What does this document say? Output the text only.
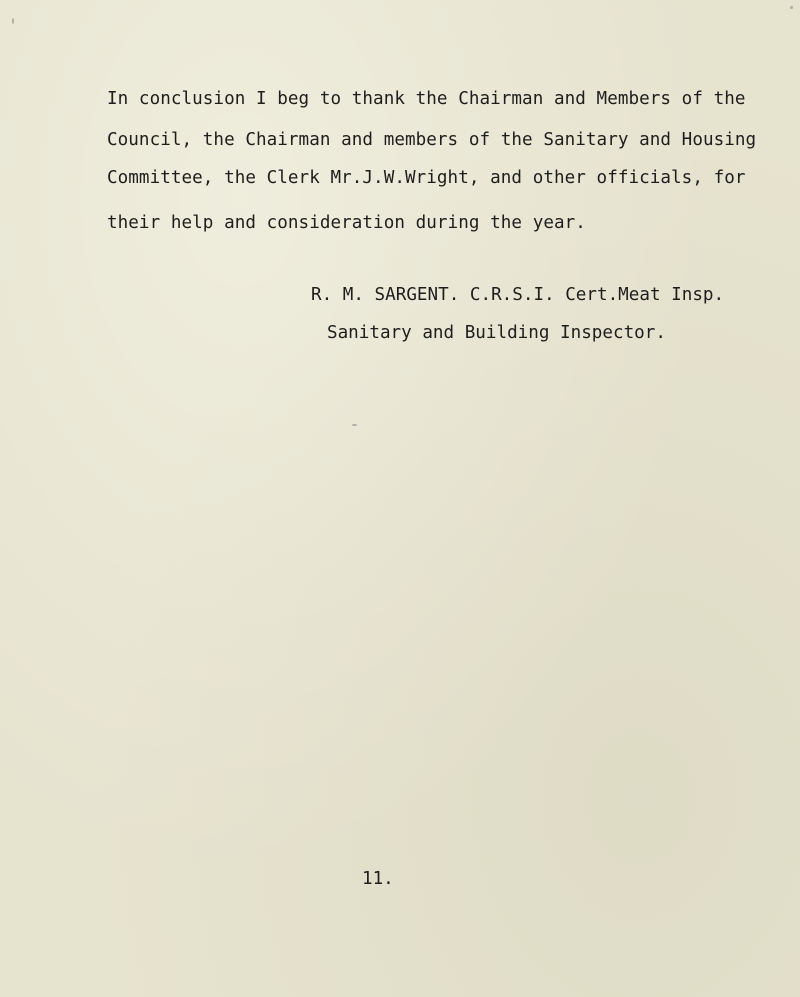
In conclusion I beg to thank the Chairman and Members of the
Council, the Chairman and members of the Sanitary and Housing
Committee, the Clerk Mr.J.W.Wright, and other officials, for
their help and consideration during the year.
R. M. SARGENT. C.R.S.I. Cert.Meat Insp.
Sanitary and Building Inspector.
11.
